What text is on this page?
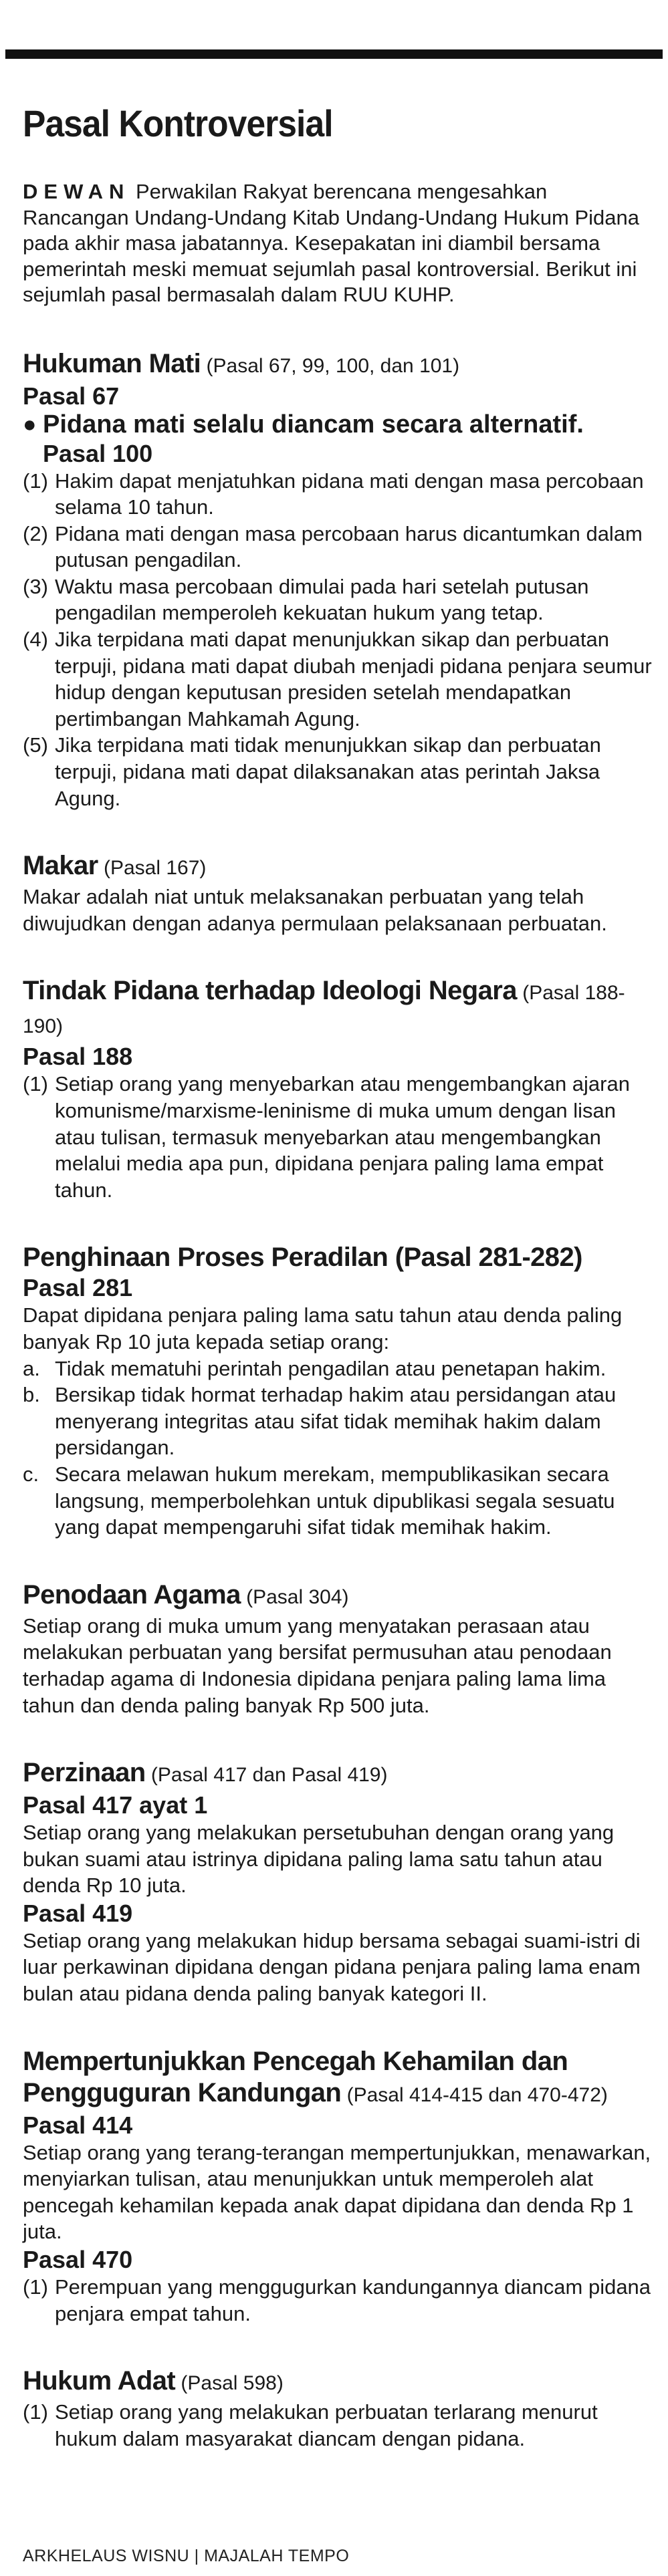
Pasal Kontroversial
DEWAN Perwakilan Rakyat berencana mengesahkan Rancangan Undang-Undang Kitab Undang-Undang Hukum Pidana pada akhir masa jabatannya. Kesepakatan ini diambil bersama pemerintah meski memuat sejumlah pasal kontroversial. Berikut ini sejumlah pasal bermasalah dalam RUU KUHP.
Hukuman Mati (Pasal 67, 99, 100, dan 101)
Pasal 67
● Pidana mati selalu diancam secara alternatif.
Pasal 100
(1) Hakim dapat menjatuhkan pidana mati dengan masa percobaan selama 10 tahun.
(2) Pidana mati dengan masa percobaan harus dicantumkan dalam putusan pengadilan.
(3) Waktu masa percobaan dimulai pada hari setelah putusan pengadilan memperoleh kekuatan hukum yang tetap.
(4) Jika terpidana mati dapat menunjukkan sikap dan perbuatan terpuji, pidana mati dapat diubah menjadi pidana penjara seumur hidup dengan keputusan presiden setelah mendapatkan pertimbangan Mahkamah Agung.
(5) Jika terpidana mati tidak menunjukkan sikap dan perbuatan terpuji, pidana mati dapat dilaksanakan atas perintah Jaksa Agung.
Makar (Pasal 167)
Makar adalah niat untuk melaksanakan perbuatan yang telah diwujudkan dengan adanya permulaan pelaksanaan perbuatan.
Tindak Pidana terhadap Ideologi Negara (Pasal 188-190)
Pasal 188
(1) Setiap orang yang menyebarkan atau mengembangkan ajaran komunisme/marxisme-leninisme di muka umum dengan lisan atau tulisan, termasuk menyebarkan atau mengembangkan melalui media apa pun, dipidana penjara paling lama empat tahun.
Penghinaan Proses Peradilan (Pasal 281-282)
Pasal 281
Dapat dipidana penjara paling lama satu tahun atau denda paling banyak Rp 10 juta kepada setiap orang:
a. Tidak mematuhi perintah pengadilan atau penetapan hakim.
b. Bersikap tidak hormat terhadap hakim atau persidangan atau menyerang integritas atau sifat tidak memihak hakim dalam persidangan.
c. Secara melawan hukum merekam, mempublikasikan secara langsung, memperbolehkan untuk dipublikasi segala sesuatu yang dapat mempengaruhi sifat tidak memihak hakim.
Penodaan Agama (Pasal 304)
Setiap orang di muka umum yang menyatakan perasaan atau melakukan perbuatan yang bersifat permusuhan atau penodaan terhadap agama di Indonesia dipidana penjara paling lama lima tahun dan denda paling banyak Rp 500 juta.
Perzinaan (Pasal 417 dan Pasal 419)
Pasal 417 ayat 1
Setiap orang yang melakukan persetubuhan dengan orang yang bukan suami atau istrinya dipidana paling lama satu tahun atau denda Rp 10 juta.
Pasal 419
Setiap orang yang melakukan hidup bersama sebagai suami-istri di luar perkawinan dipidana dengan pidana penjara paling lama enam bulan atau pidana denda paling banyak kategori II.
Mempertunjukkan Pencegah Kehamilan dan Pengguguran Kandungan (Pasal 414-415 dan 470-472)
Pasal 414
Setiap orang yang terang-terangan mempertunjukkan, menawarkan, menyiarkan tulisan, atau menunjukkan untuk memperoleh alat pencegah kehamilan kepada anak dapat dipidana dan denda Rp 1 juta.
Pasal 470
(1) Perempuan yang menggugurkan kandungannya diancam pidana penjara empat tahun.
Hukum Adat (Pasal 598)
(1) Setiap orang yang melakukan perbuatan terlarang menurut hukum dalam masyarakat diancam dengan pidana.
ARKHELAUS WISNU | MAJALAH TEMPO
